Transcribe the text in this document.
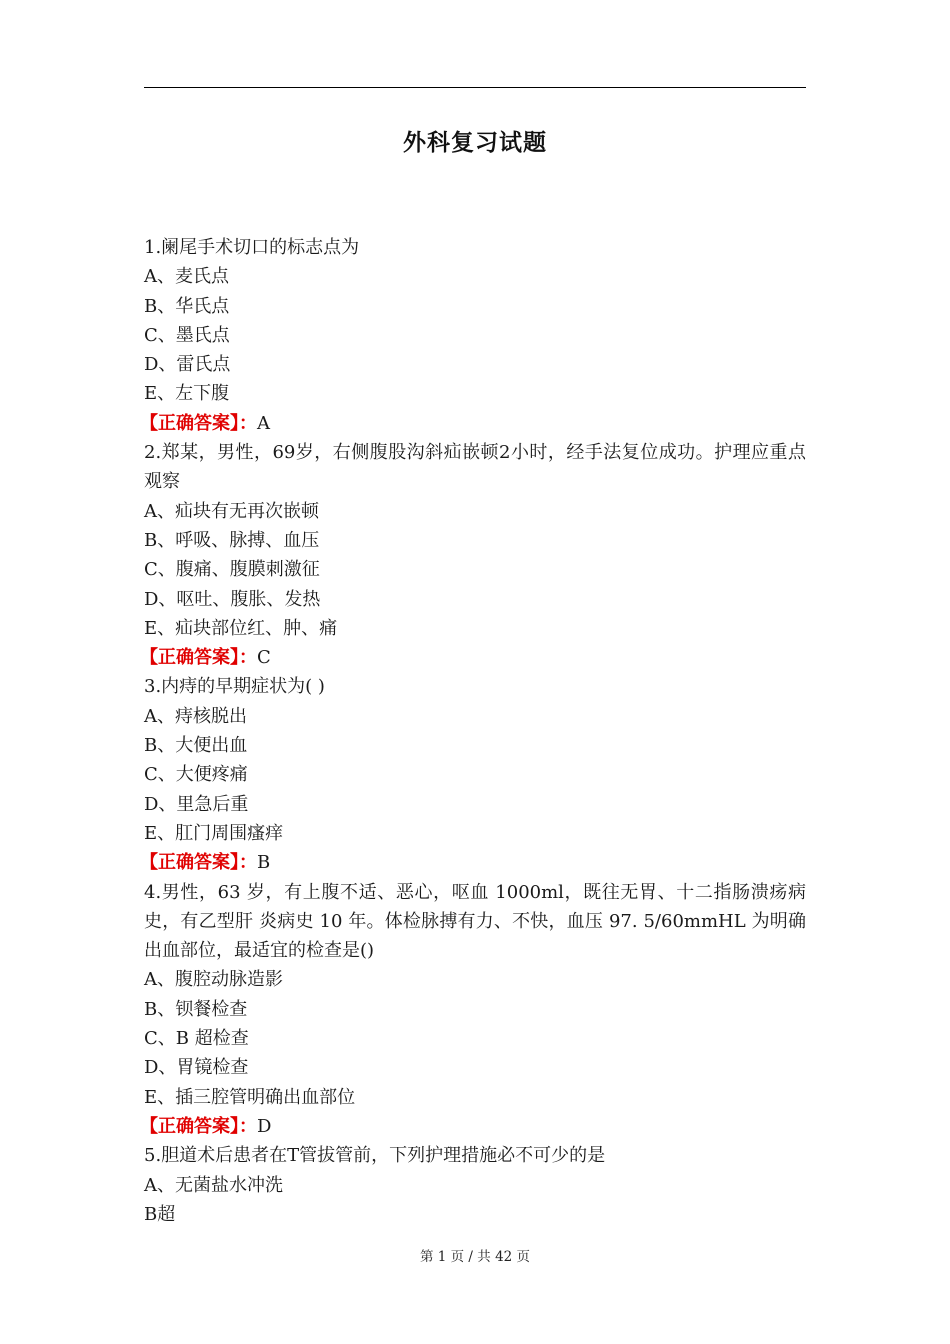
外科复习试题
1.阑尾手术切口的标志点为
A、麦氏点
B、华氏点
C、墨氏点
D、雷氏点
E、左下腹
【正确答案】：A
2.郑某，男性，69岁，右侧腹股沟斜疝嵌顿2小时，经手法复位成功。护理应重点观察
A、疝块有无再次嵌顿
B、呼吸、脉搏、血压
C、腹痛、腹膜刺激征
D、呕吐、腹胀、发热
E、疝块部位红、肿、痛
【正确答案】：C
3.内痔的早期症状为( )
A、痔核脱出
B、大便出血
C、大便疼痛
D、里急后重
E、肛门周围瘙痒
【正确答案】：B
4.男性，63 岁，有上腹不适、恶心，呕血 1000ml，既往无胃、十二指肠溃疡病史，有乙型肝 炎病史 10 年。体检脉搏有力、不快，血压 97. 5/60mmHL 为明确出血部位，最适宜的检查是()
A、腹腔动脉造影
B、钡餐检查
C、B 超检查
D、胃镜检查
E、插三腔管明确出血部位
【正确答案】：D
5.胆道术后患者在T管拔管前，下列护理措施必不可少的是
A、无菌盐水冲洗
B超
第 1 页 / 共 42 页
